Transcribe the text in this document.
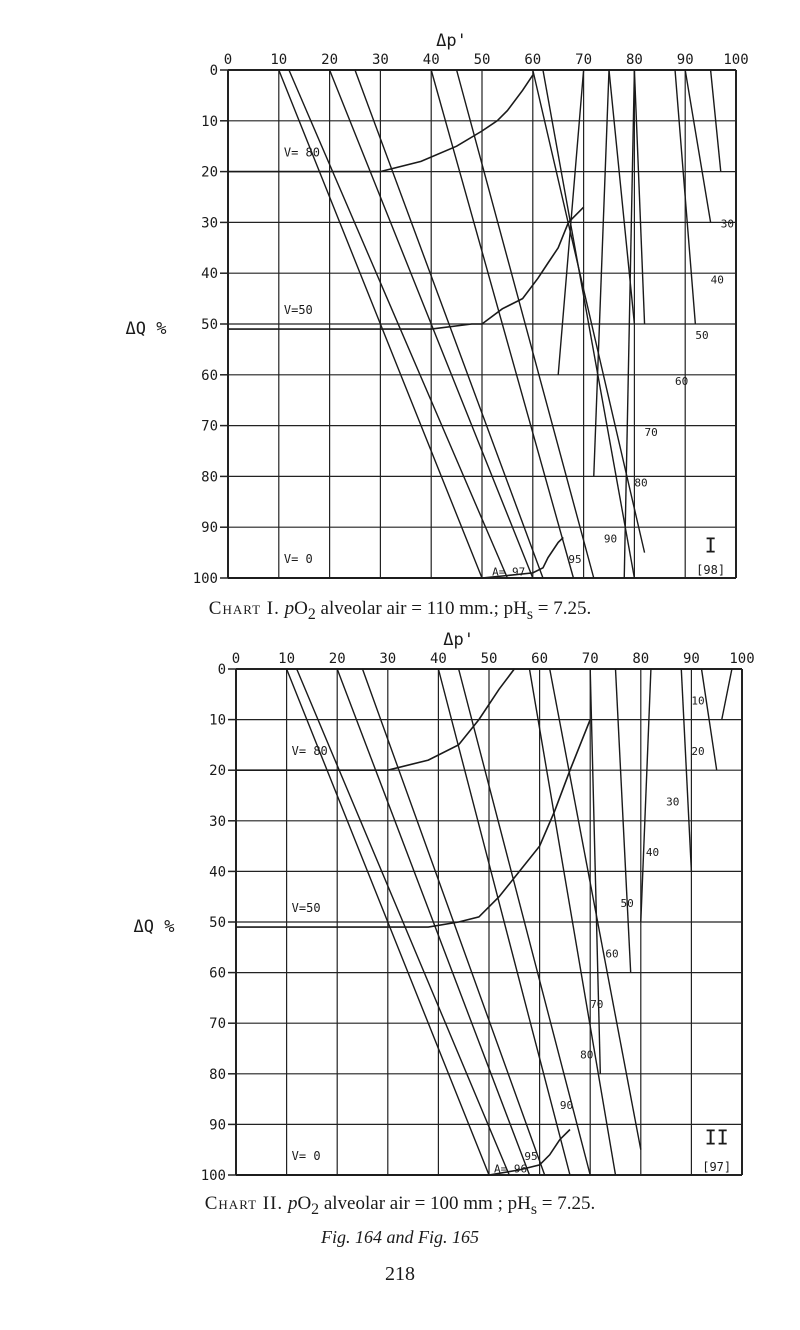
0	10 20 30 40 50 60 70 80 90 100
0
10
20
30
40
50
60
70
80
90
100
Δp'
ΔQ %
V= 80
V=50
V= 0
30
40
50
60
70
80
90
95
A= 97
I
[98]
Chart I. $pO_2$ alveolar air = 110 mm.; $pH_s = 7.25$.
0	10 20 30 40 50 60 70 80 90 100
0
10
20
30
40
50
60
70
80
90
100
Δp'
ΔQ %
V= 80
V=50
V= 0
10
20
30
40
50
60
70
80
90
95
A= 96
II
[97]
Chart II. $pO_2$ alveolar air = 100 mm ; $pH_s = 7.25$.
Fig. 164 and Fig. 165
218
